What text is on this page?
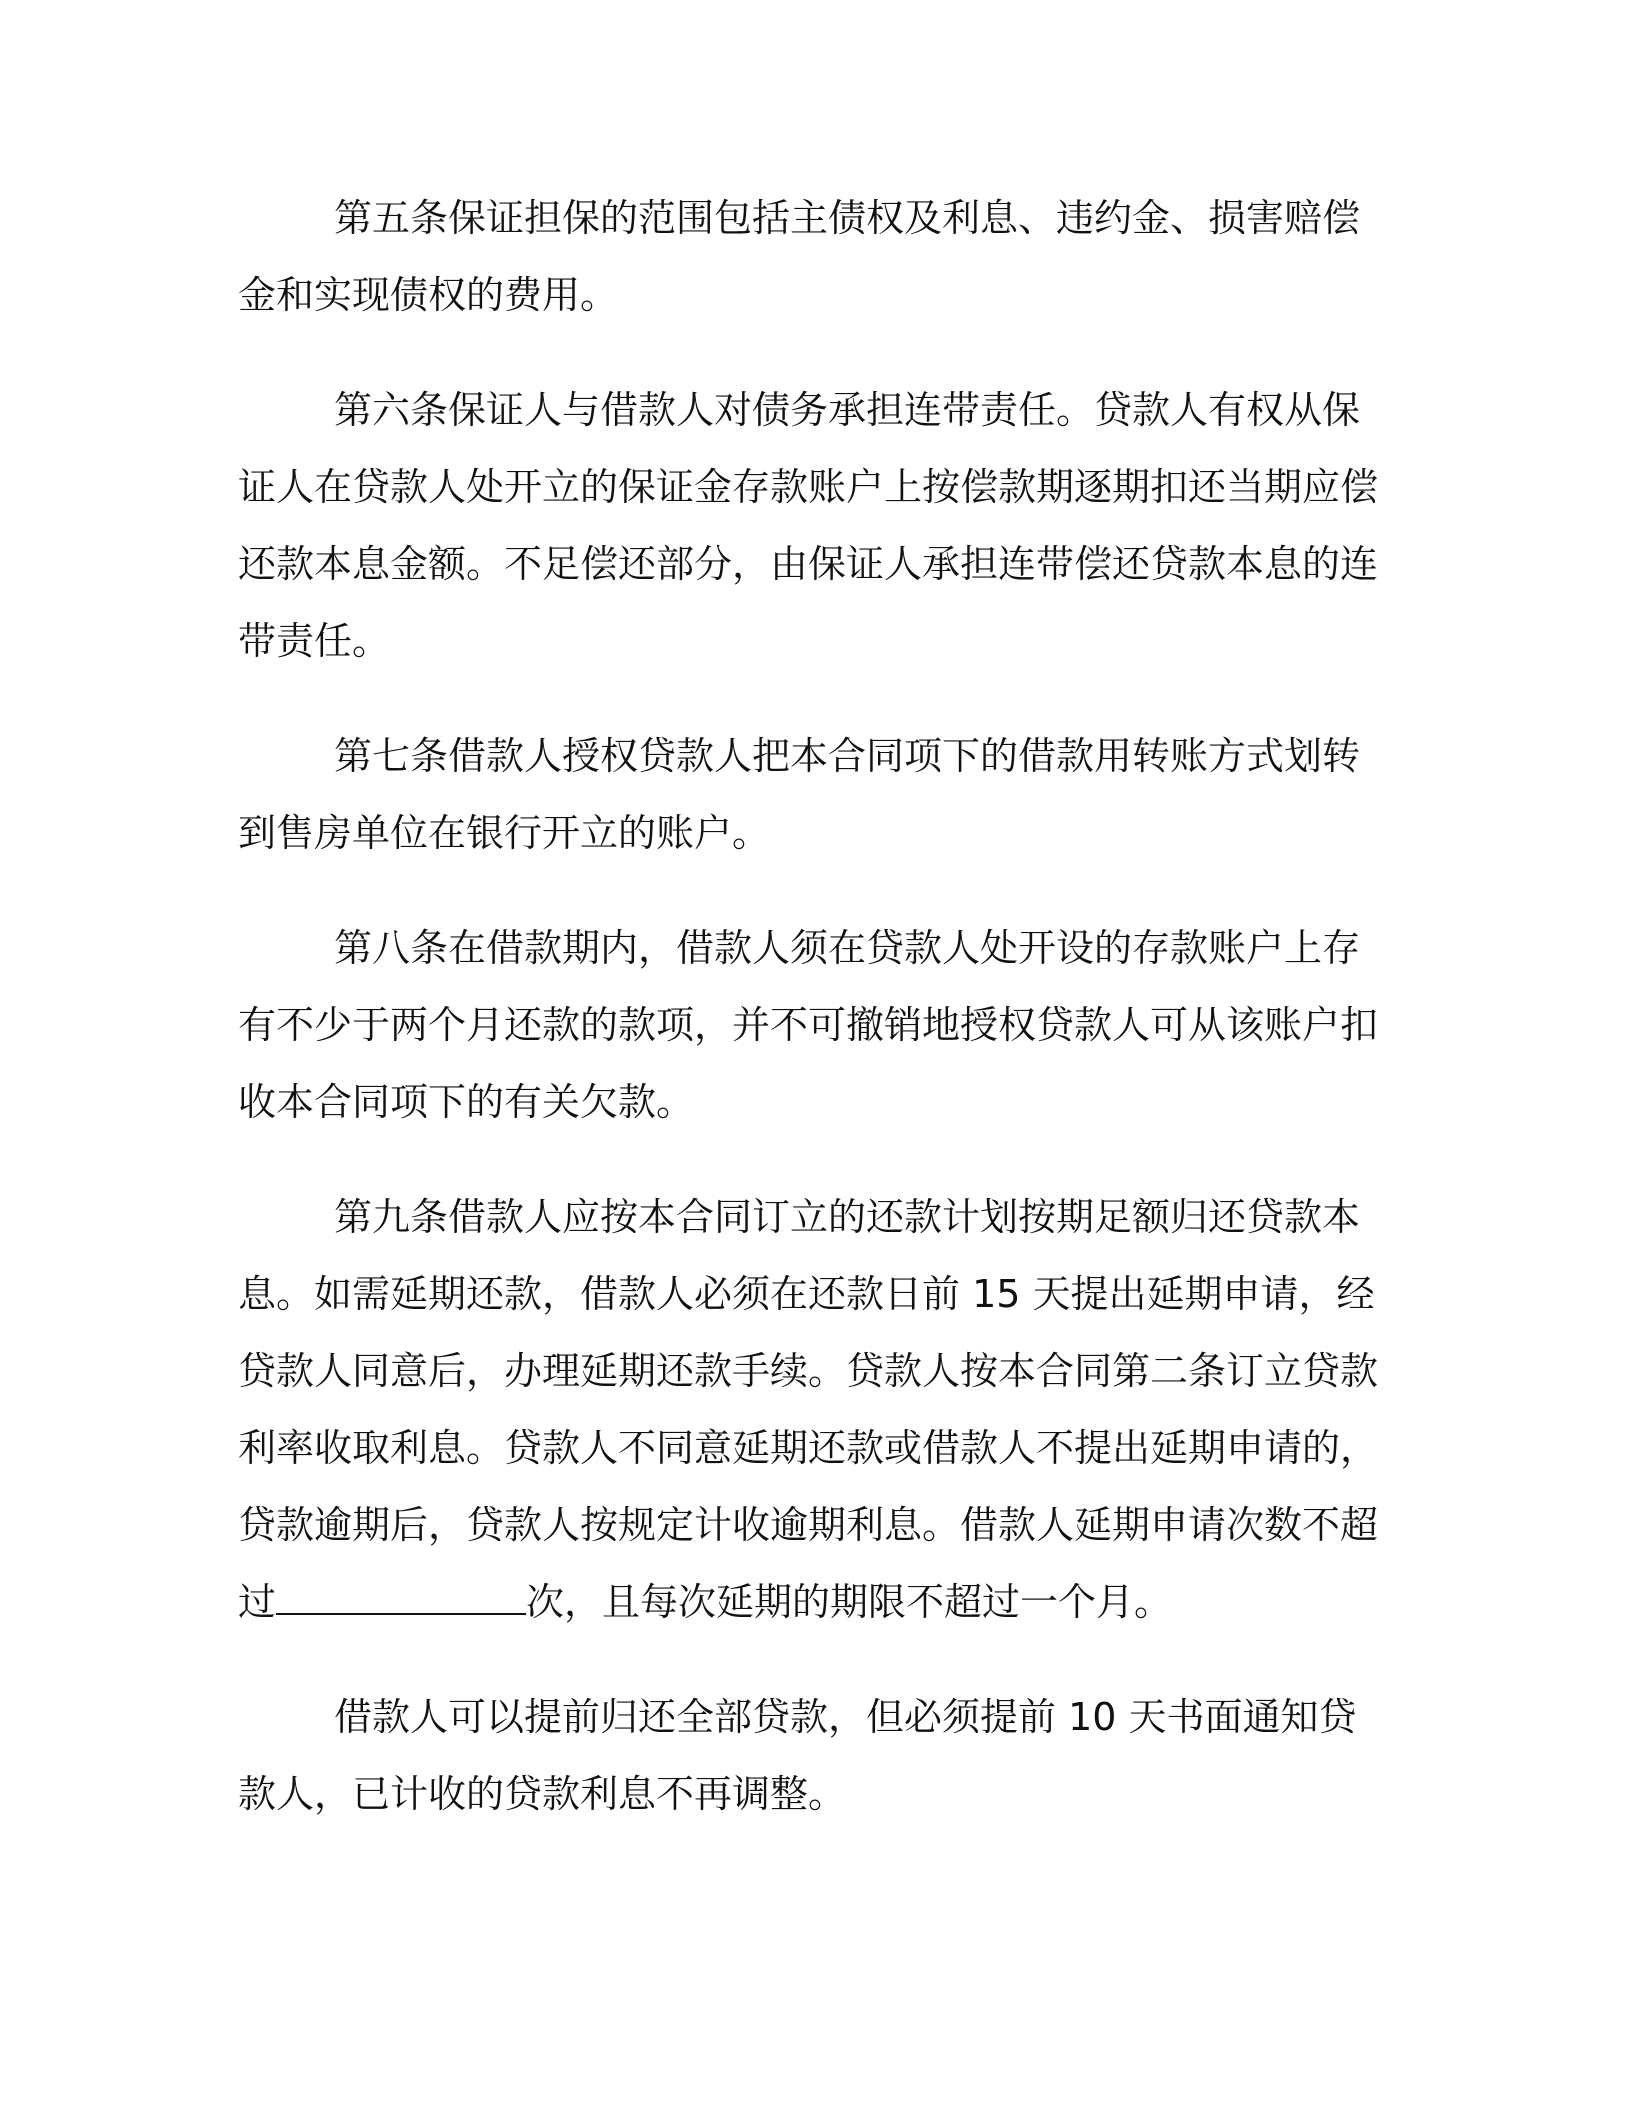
第五条保证担保的范围包括主债权及利息、违约金、损害赔偿金和实现债权的费用。

第六条保证人与借款人对债务承担连带责任。贷款人有权从保证人在贷款人处开立的保证金存款账户上按偿款期逐期扣还当期应偿还款本息金额。不足偿还部分，由保证人承担连带偿还贷款本息的连带责任。

第七条借款人授权贷款人把本合同项下的借款用转账方式划转到售房单位在银行开立的账户。

第八条在借款期内，借款人须在贷款人处开设的存款账户上存有不少于两个月还款的款项，并不可撤销地授权贷款人可从该账户扣收本合同项下的有关欠款。

第九条借款人应按本合同订立的还款计划按期足额归还贷款本息。如需延期还款，借款人必须在还款日前 15 天提出延期申请，经贷款人同意后，办理延期还款手续。贷款人按本合同第二条订立贷款利率收取利息。贷款人不同意延期还款或借款人不提出延期申请的，贷款逾期后，贷款人按规定计收逾期利息。借款人延期申请次数不超过	次，且每次延期的期限不超过一个月。

借款人可以提前归还全部贷款，但必须提前 10 天书面通知贷款人，已计收的贷款利息不再调整。
